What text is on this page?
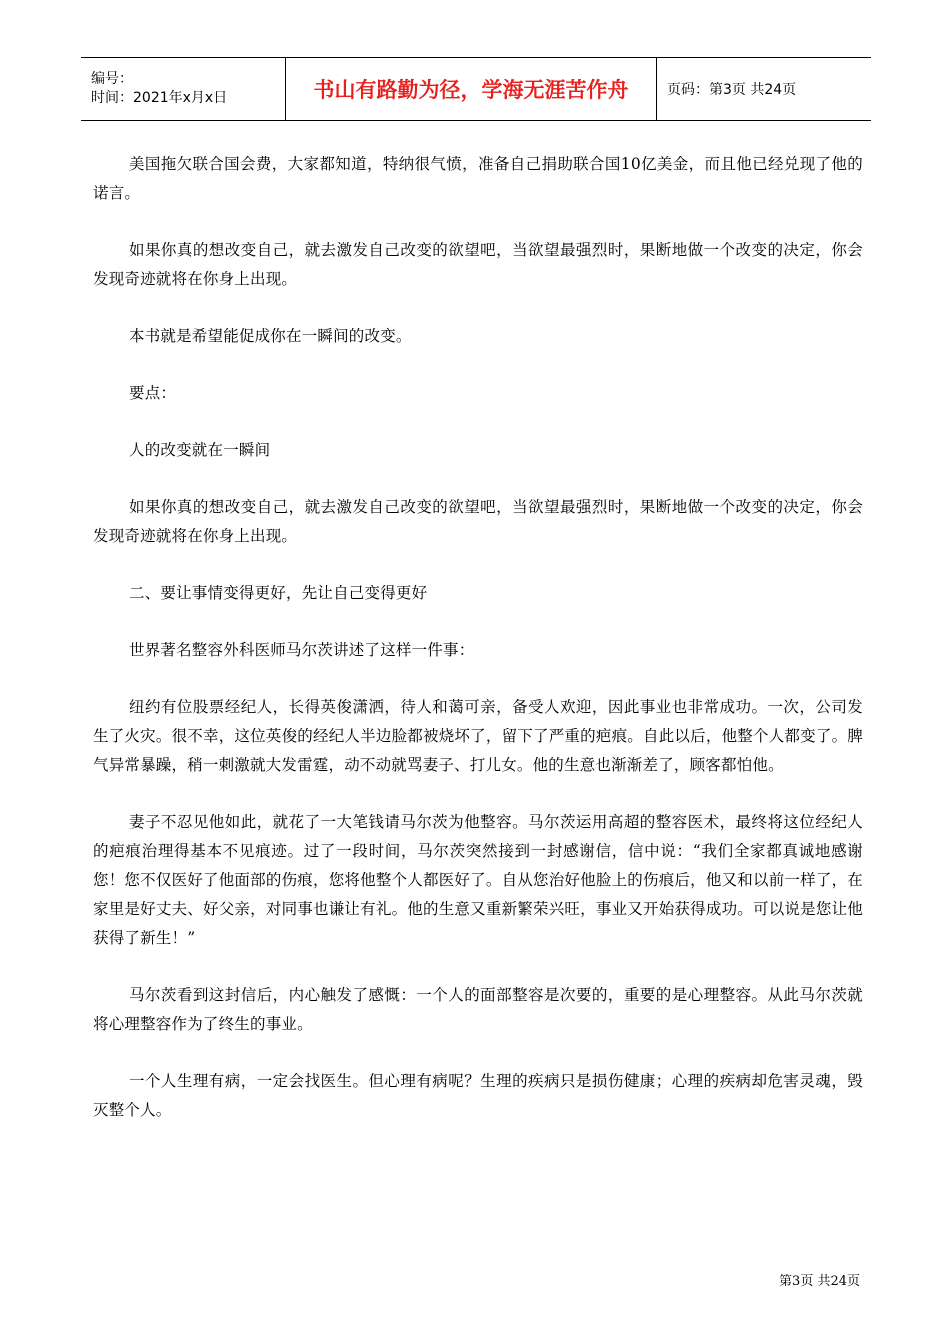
编号：
时间：2021年x月x日	书山有路勤为径，学海无涯苦作舟	页码：第3页 共24页

美国拖欠联合国会费，大家都知道，特纳很气愤，准备自己捐助联合国10亿美金，而且他已经兑现了他的诺言。

如果你真的想改变自己，就去激发自己改变的欲望吧，当欲望最强烈时，果断地做一个改变的决定，你会发现奇迹就将在你身上出现。

本书就是希望能促成你在一瞬间的改变。

要点：

人的改变就在一瞬间

如果你真的想改变自己，就去激发自己改变的欲望吧，当欲望最强烈时，果断地做一个改变的决定，你会发现奇迹就将在你身上出现。

二、要让事情变得更好，先让自己变得更好

世界著名整容外科医师马尔茨讲述了这样一件事：

纽约有位股票经纪人，长得英俊潇洒，待人和蔼可亲，备受人欢迎，因此事业也非常成功。一次，公司发生了火灾。很不幸，这位英俊的经纪人半边脸都被烧坏了，留下了严重的疤痕。自此以后，他整个人都变了。脾气异常暴躁，稍一刺激就大发雷霆，动不动就骂妻子、打儿女。他的生意也渐渐差了，顾客都怕他。

妻子不忍见他如此，就花了一大笔钱请马尔茨为他整容。马尔茨运用高超的整容医术，最终将这位经纪人的疤痕治理得基本不见痕迹。过了一段时间，马尔茨突然接到一封感谢信，信中说：“我们全家都真诚地感谢您！您不仅医好了他面部的伤痕，您将他整个人都医好了。自从您治好他脸上的伤痕后，他又和以前一样了，在家里是好丈夫、好父亲，对同事也谦让有礼。他的生意又重新繁荣兴旺，事业又开始获得成功。可以说是您让他获得了新生！”

马尔茨看到这封信后，内心触发了感慨：一个人的面部整容是次要的，重要的是心理整容。从此马尔茨就将心理整容作为了终生的事业。

一个人生理有病，一定会找医生。但心理有病呢？生理的疾病只是损伤健康；心理的疾病却危害灵魂，毁灭整个人。

第3页 共24页
